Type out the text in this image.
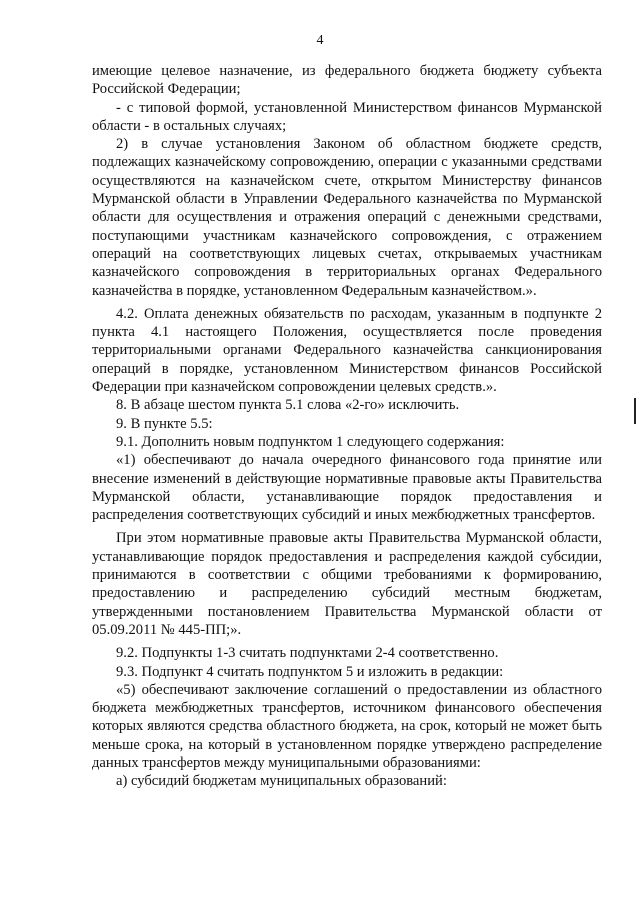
4

имеющие целевое назначение, из федерального бюджета бюджету субъекта Российской Федерации;

- с типовой формой, установленной Министерством финансов Мурманской области - в остальных случаях;

2) в случае установления Законом об областном бюджете средств, подлежащих казначейскому сопровождению, операции с указанными средствами осуществляются на казначейском счете, открытом Министерству финансов Мурманской области в Управлении Федерального казначейства по Мурманской области для осуществления и отражения операций с денежными средствами, поступающими участникам казначейского сопровождения, с отражением операций на соответствующих лицевых счетах, открываемых участникам казначейского сопровождения в территориальных органах Федерального казначейства в порядке, установленном Федеральным казначейством.».

4.2. Оплата денежных обязательств по расходам, указанным в подпункте 2 пункта 4.1 настоящего Положения, осуществляется после проведения территориальными органами Федерального казначейства санкционирования операций в порядке, установленном Министерством финансов Российской Федерации при казначейском сопровождении целевых средств.».

8. В абзаце шестом пункта 5.1 слова «2-го» исключить.

9. В пункте 5.5:

9.1. Дополнить новым подпунктом 1 следующего содержания:

«1) обеспечивают до начала очередного финансового года принятие или внесение изменений в действующие нормативные правовые акты Правительства Мурманской области, устанавливающие порядок предоставления и распределения соответствующих субсидий и иных межбюджетных трансфертов.

При этом нормативные правовые акты Правительства Мурманской области, устанавливающие порядок предоставления и распределения каждой субсидии, принимаются в соответствии с общими требованиями к формированию, предоставлению и распределению субсидий местным бюджетам, утвержденными постановлением Правительства Мурманской области от 05.09.2011 № 445-ПП;».

9.2. Подпункты 1-3 считать подпунктами 2-4 соответственно.

9.3. Подпункт 4 считать подпунктом 5 и изложить в редакции:

«5) обеспечивают заключение соглашений о предоставлении из областного бюджета межбюджетных трансфертов, источником финансового обеспечения которых являются средства областного бюджета, на срок, который не может быть меньше срока, на который в установленном порядке утверждено распределение данных трансфертов между муниципальными образованиями:

а) субсидий бюджетам муниципальных образований:
